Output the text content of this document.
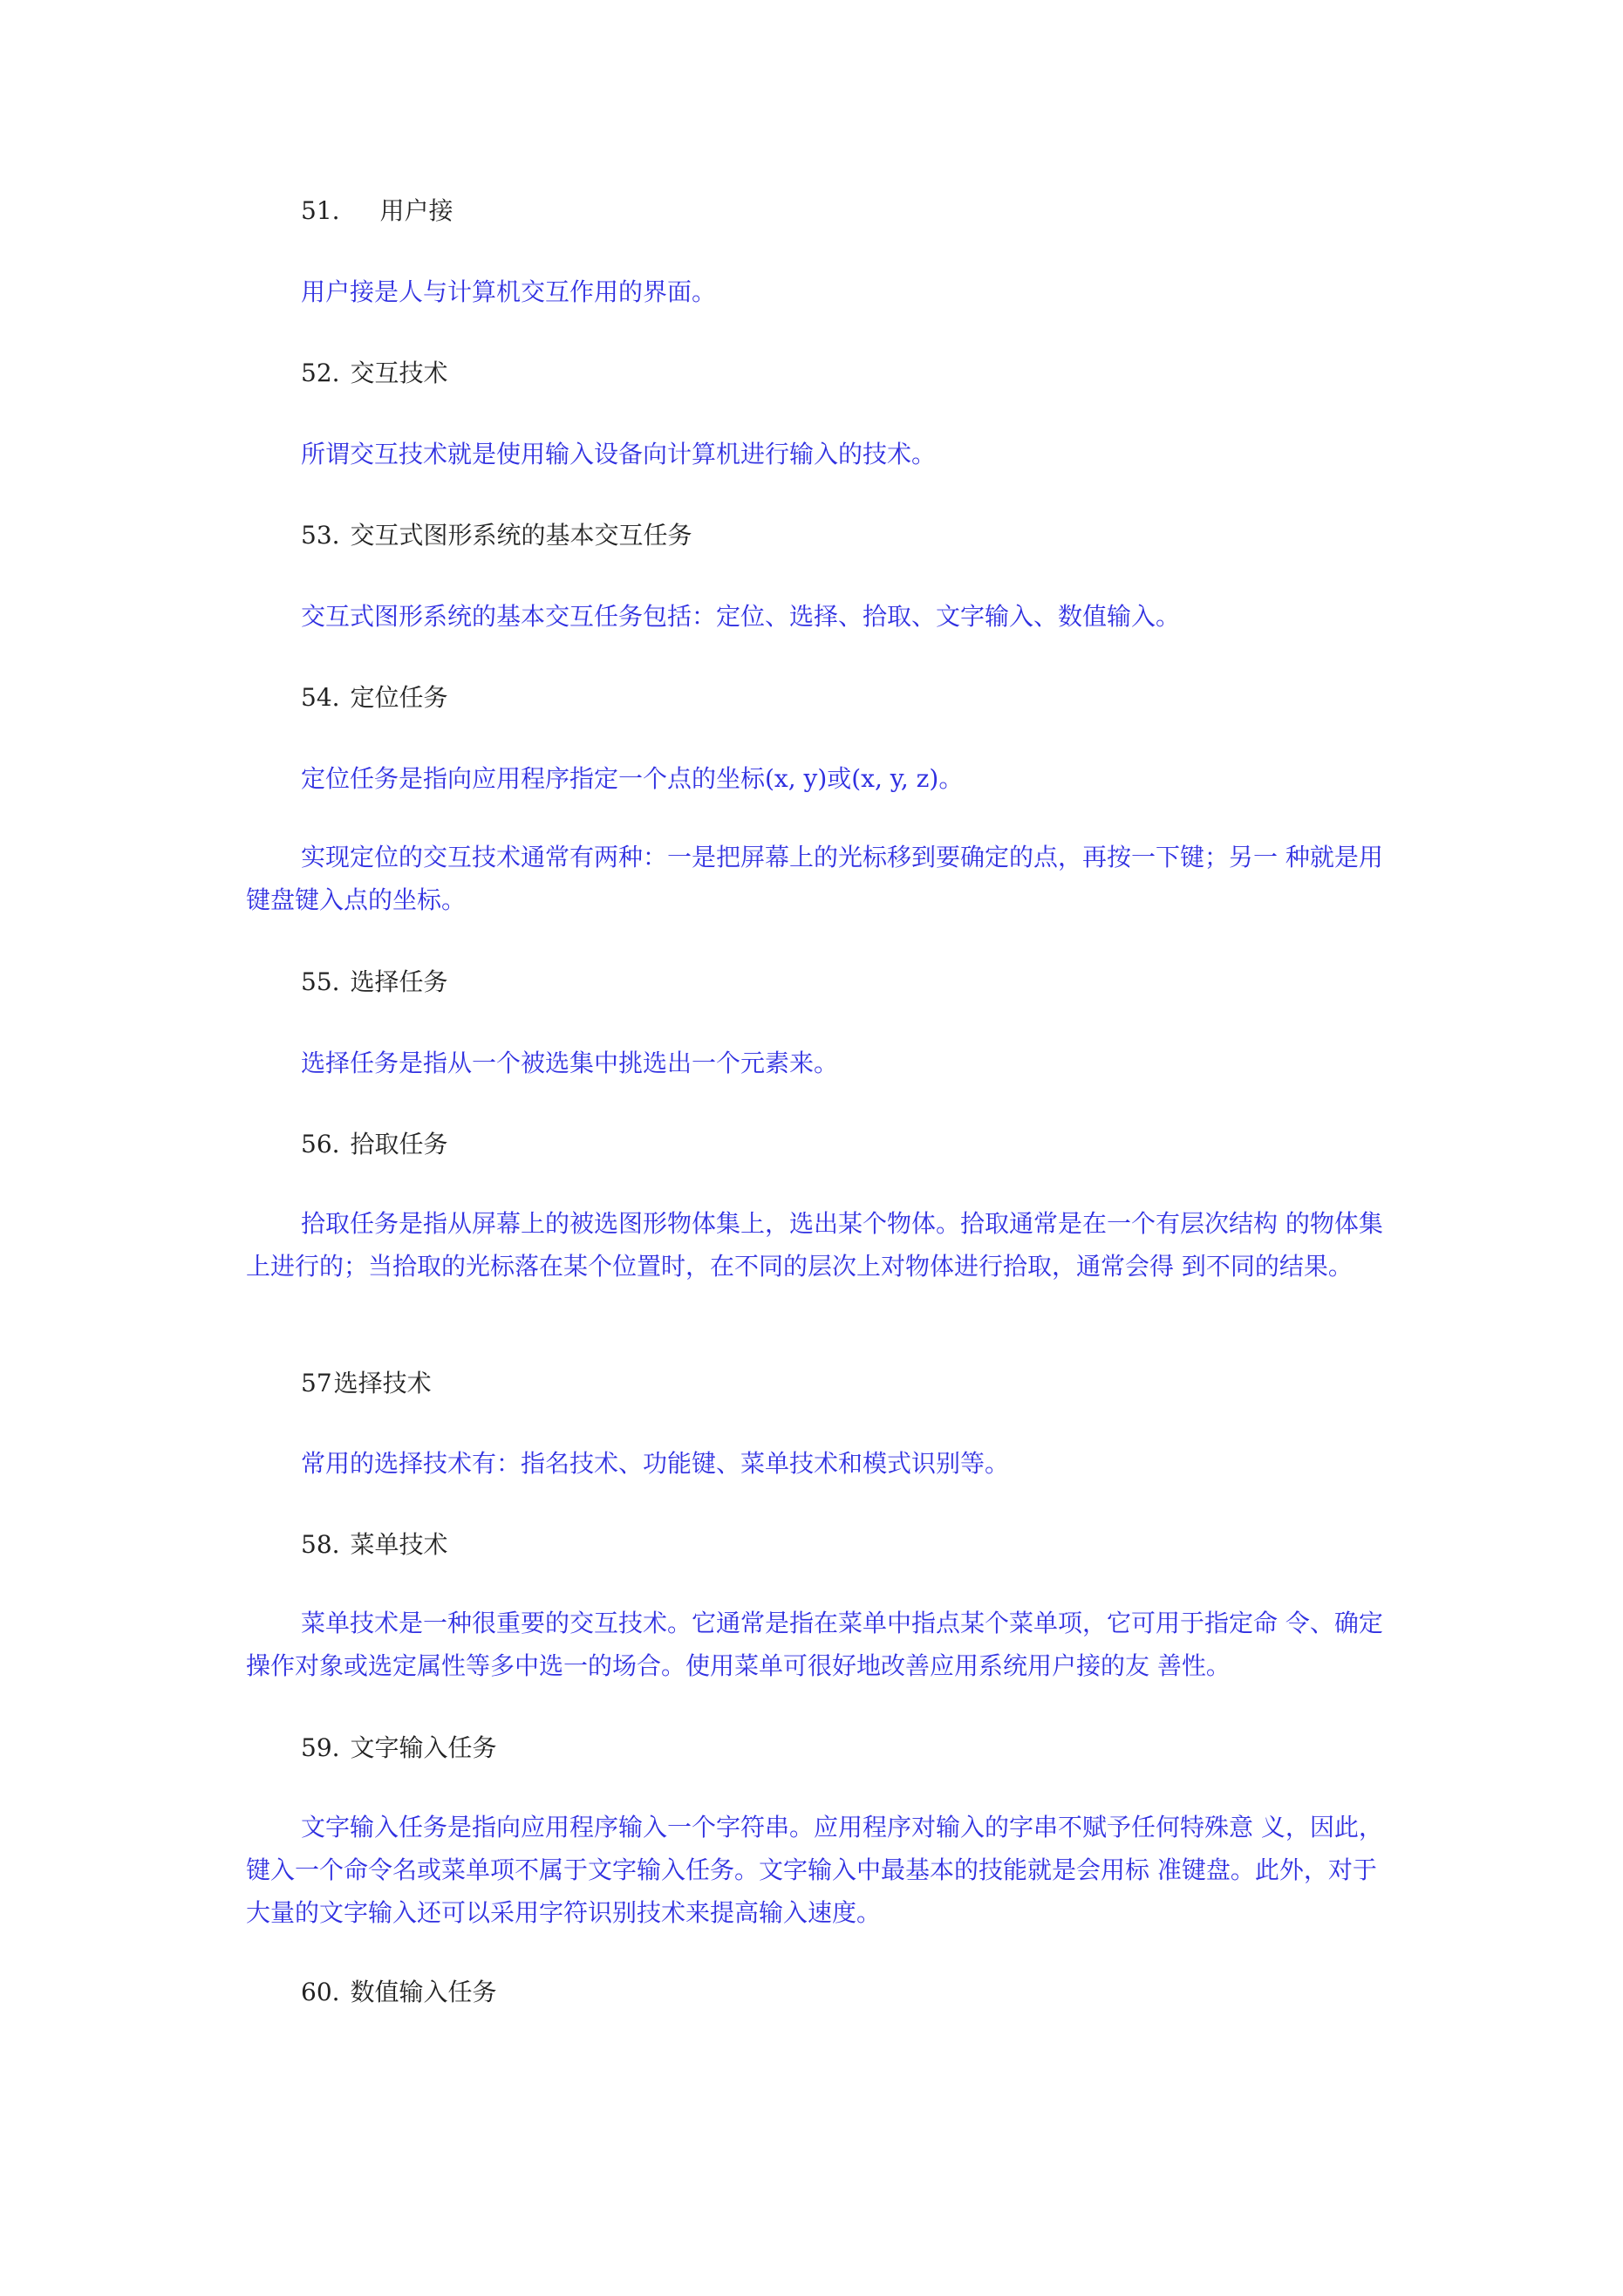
51. 用户接
用户接是人与计算机交互作用的界面。
52. 交互技术
所谓交互技术就是使用输入设备向计算机进行输入的技术。
53. 交互式图形系统的基本交互任务
交互式图形系统的基本交互任务包括：定位、选择、拾取、文字输入、数值输入。
54. 定位任务
定位任务是指向应用程序指定一个点的坐标(x, y)或(x, y, z)。
实现定位的交互技术通常有两种：一是把屏幕上的光标移到要确定的点，再按一下键；另一 种就是用键盘键入点的坐标。
55. 选择任务
选择任务是指从一个被选集中挑选出一个元素来。
56. 拾取任务
拾取任务是指从屏幕上的被选图形物体集上，选出某个物体。拾取通常是在一个有层次结构 的物体集上进行的；当拾取的光标落在某个位置时，在不同的层次上对物体进行拾取，通常会得 到不同的结果。
57选择技术
常用的选择技术有：指名技术、功能键、菜单技术和模式识别等。
58. 菜单技术
菜单技术是一种很重要的交互技术。它通常是指在菜单中指点某个菜单项，它可用于指定命 令、确定操作对象或选定属性等多中选一的场合。使用菜单可很好地改善应用系统用户接的友 善性。
59. 文字输入任务
文字输入任务是指向应用程序输入一个字符串。应用程序对输入的字串不赋予任何特殊意 义，因此，键入一个命令名或菜单项不属于文字输入任务。文字输入中最基本的技能就是会用标 准键盘。此外，对于大量的文字输入还可以采用字符识别技术来提高输入速度。
60. 数值输入任务
